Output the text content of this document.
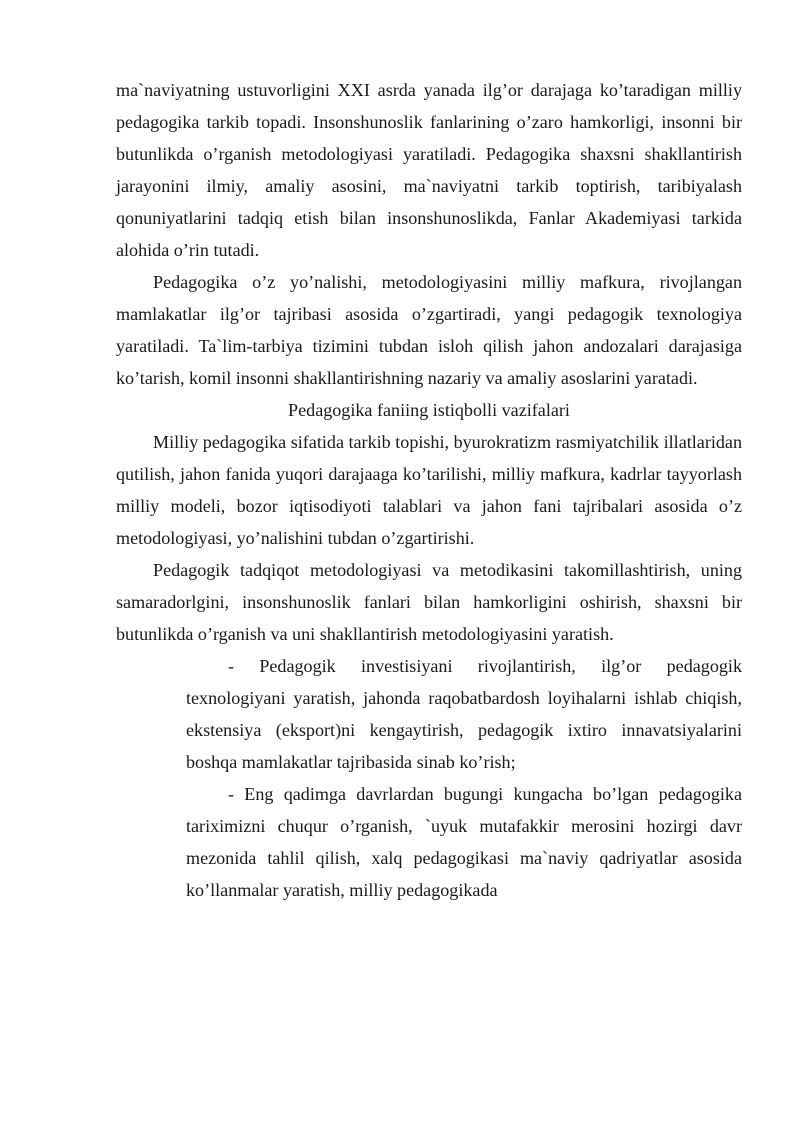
ma`naviyatning ustuvorligini XXI asrda yanada ilg’or darajaga ko’taradigan milliy pedagogika tarkib topadi. Insonshunoslik fanlarining o’zaro hamkorligi, insonni bir butunlikda o’rganish metodologiyasi yaratiladi. Pedagogika shaxsni shakllantirish jarayonini ilmiy, amaliy asosini, ma`naviyatni tarkib toptirish, taribiyalash qonuniyatlarini tadqiq etish bilan insonshunoslikda, Fanlar Akademiyasi tarkida alohida o’rin tutadi.

Pedagogika o’z yo’nalishi, metodologiyasini milliy mafkura, rivojlangan mamlakatlar ilg’or tajribasi asosida o’zgartiradi, yangi pedagogik texnologiya yaratiladi. Ta`lim-tarbiya tizimini tubdan isloh qilish jahon andozalari darajasiga ko’tarish, komil insonni shakllantirishning nazariy va amaliy asoslarini yaratadi.

Pedagogika faniing istiqbolli vazifalari

Milliy pedagogika sifatida tarkib topishi, byurokratizm rasmiyatchilik illatlaridan qutilish, jahon fanida yuqori darajaaga ko’tarilishi, milliy mafkura, kadrlar tayyorlash milliy modeli, bozor iqtisodiyoti talablari va jahon fani tajribalari asosida o’z metodologiyasi, yo’nalishini tubdan o’zgartirishi.

Pedagogik tadqiqot metodologiyasi va metodikasini takomillashtirish, uning samaradorlgini, insonshunoslik fanlari bilan hamkorligini oshirish, shaxsni bir butunlikda o’rganish va uni shakllantirish metodologiyasini yaratish.

- Pedagogik investisiyani rivojlantirish, ilg’or pedagogik texnologiyani yaratish, jahonda raqobatbardosh loyihalarni ishlab chiqish, ekstensiya (eksport)ni kengaytirish, pedagogik ixtiro innavatsiyalarini boshqa mamlakatlar tajribasida sinab ko’rish;

- Eng qadimga davrlardan bugungi kungacha bo’lgan pedagogika tariximizni chuqur o’rganish, `uyuk mutafakkir merosini hozirgi davr mezonida tahlil qilish, xalq pedagogikasi ma`naviy qadriyatlar asosida ko’llanmalar yaratish, milliy pedagogikada
